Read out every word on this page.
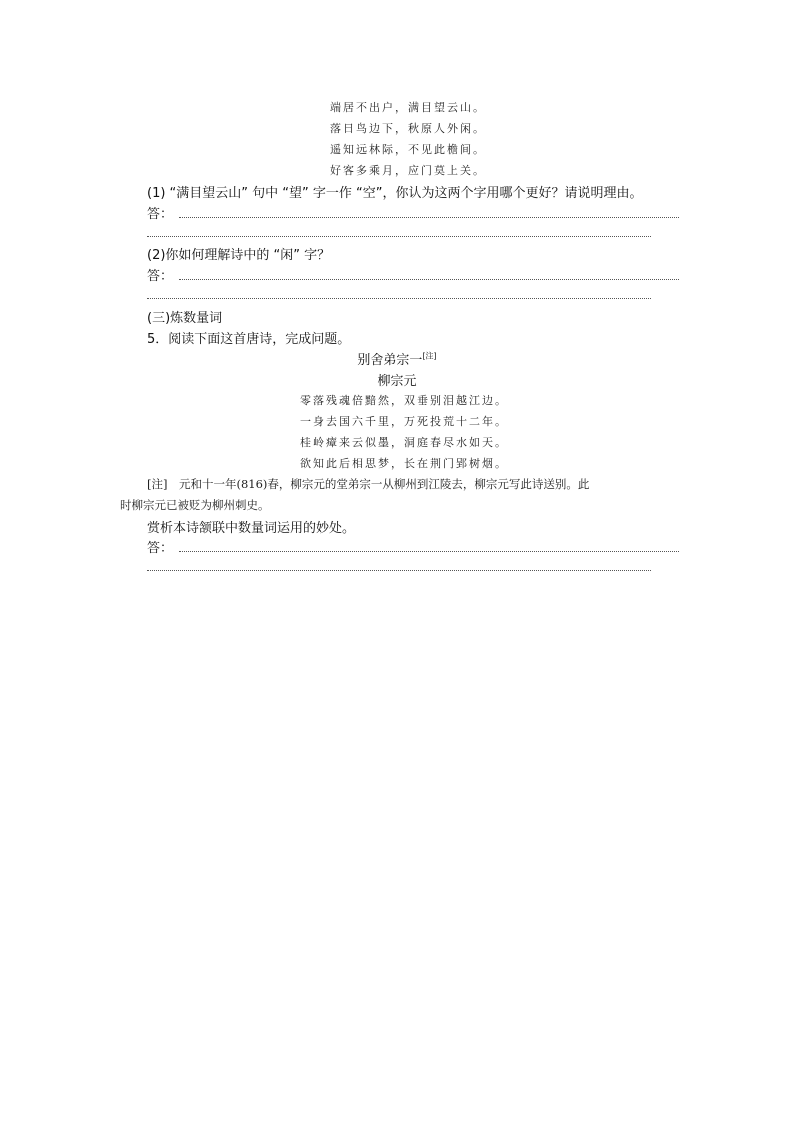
端居不出户，满目望云山。
落日鸟边下，秋原人外闲。
遥知远林际，不见此檐间。
好客多乘月，应门莫上关。
(1) “满目望云山” 句中 “望” 字一作 “空”，你认为这两个字用哪个更好？请说明理由。
答：
(2)你如何理解诗中的 “闲” 字？
答：
(三)炼数量词
5．阅读下面这首唐诗，完成问题。
别舍弟宗一[注]
柳宗元
零落残魂倍黯然，双垂别泪越江边。
一身去国六千里，万死投荒十二年。
桂岭瘴来云似墨，洞庭春尽水如天。
欲知此后相思梦，长在荆门郢树烟。
[注]　元和十一年(816)春，柳宗元的堂弟宗一从柳州到江陵去，柳宗元写此诗送别。此
时柳宗元已被贬为柳州刺史。
赏析本诗颔联中数量词运用的妙处。
答：
